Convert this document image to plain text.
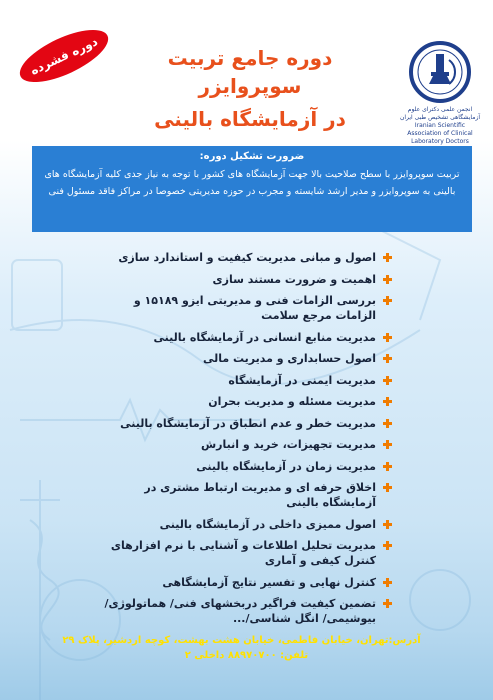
دوره فشرده	دوره جامع تربیت سوپروایزر
در آزمایشگاه بالینی	انجمن علمی دکترای علوم آزمایشگاهی تشخیص طبی ایران
Iranian Scientific Association of Clinical Laboratory Doctors
ضرورت تشکیل دوره:
تربیت سوپروایزر با سطح صلاحیت بالا جهت آزمایشگاه های کشور با توجه به نیاز جدی کلیه آزمایشگاه های بالینی به سوپروایزر و مدیر ارشد شایسته و مجرب در حوزه مدیریتی خصوصا در مراکز فاقد مسئول فنی
اصول و مبانی مدیریت کیفیت و استاندارد سازی
اهمیت و ضرورت مستند سازی
بررسی الزامات فنی و مدیریتی ایزو ۱۵۱۸۹ و الزامات مرجع سلامت
مدیریت منابع انسانی در آزمایشگاه بالینی
اصول حسابداری و مدیریت مالی
مدیریت ایمنی در آزمایشگاه
مدیریت مسئله و مدیریت بحران
مدیریت خطر و عدم انطباق در آزمایشگاه بالینی
مدیریت تجهیزات، خرید و انبارش
مدیریت زمان در آزمایشگاه بالینی
اخلاق حرفه ای و مدیریت ارتباط مشتری در آزمایشگاه بالینی
اصول ممیزی داخلی در آزمایشگاه بالینی
مدیریت تحلیل اطلاعات و آشنایی با نرم افزارهای کنترل کیفی و آماری
کنترل نهایی و تفسیر نتایج آزمایشگاهی
تضمین کیفیت فراگیر دربخشهای فنی/ هماتولوژی/ بیوشیمی/ انگل شناسی/...
آدرس:تهران، خیابان فاطمی، خیابان هشت بهشت، کوچه اردشیر، پلاک ۲۹
تلفن: ۸۸۹۷۰۷۰۰ داخلی ۲
